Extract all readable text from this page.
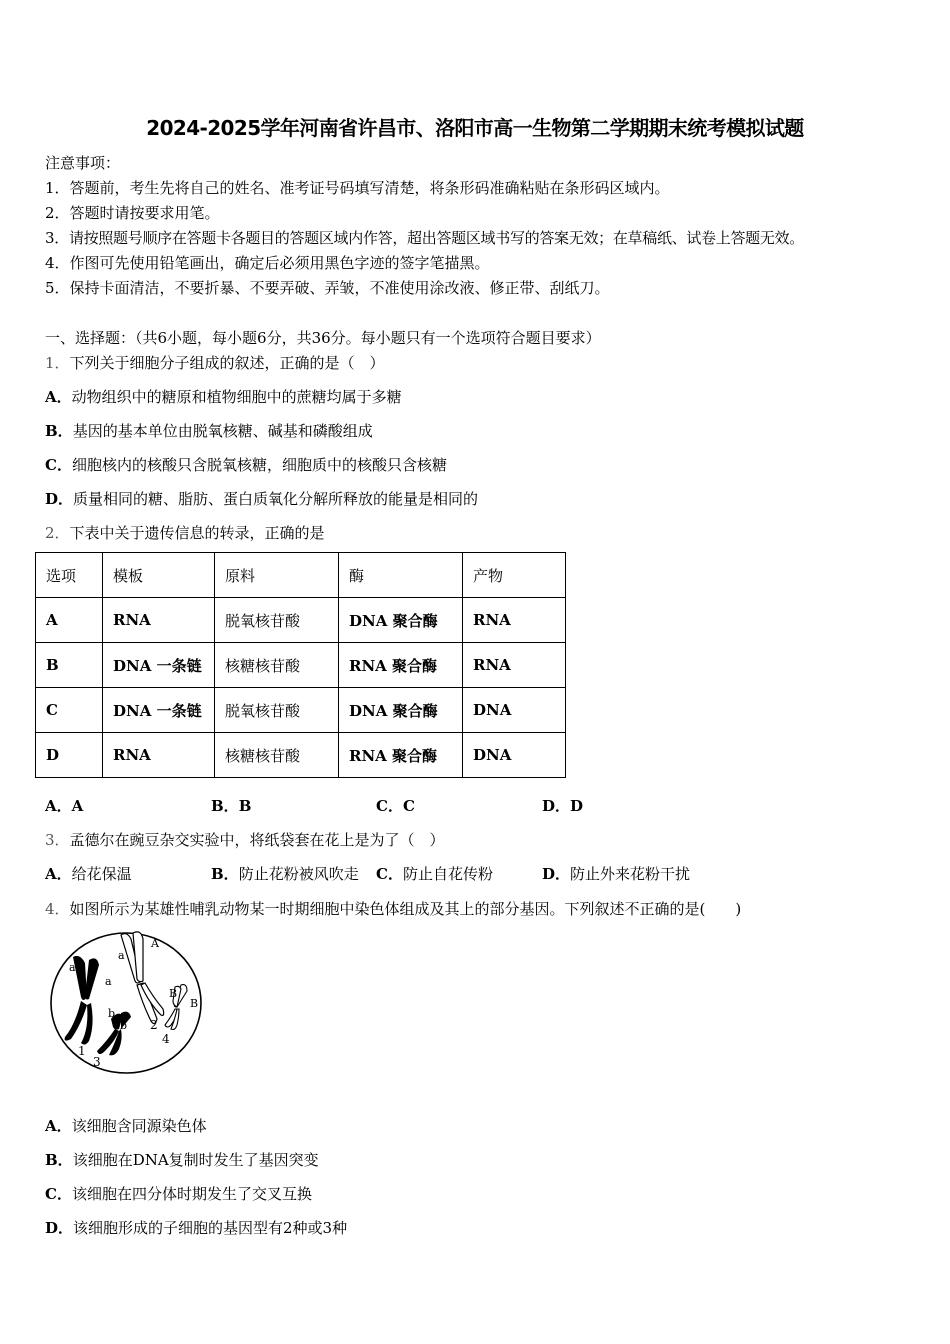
2024-2025学年河南省许昌市、洛阳市高一生物第二学期期末统考模拟试题
注意事项：
1．答题前，考生先将自己的姓名、准考证号码填写清楚，将条形码准确粘贴在条形码区域内。
2．答题时请按要求用笔。
3．请按照题号顺序在答题卡各题目的答题区域内作答，超出答题区域书写的答案无效；在草稿纸、试卷上答题无效。
4．作图可先使用铅笔画出，确定后必须用黑色字迹的签字笔描黑。
5．保持卡面清洁，不要折暴、不要弄破、弄皱，不准使用涂改液、修正带、刮纸刀。
一、选择题：（共6小题，每小题6分，共36分。每小题只有一个选项符合题目要求）
1．下列关于细胞分子组成的叙述，正确的是（　）
A．动物组织中的糖原和植物细胞中的蔗糖均属于多糖
B．基因的基本单位由脱氧核糖、碱基和磷酸组成
C．细胞核内的核酸只含脱氧核糖，细胞质中的核酸只含核糖
D．质量相同的糖、脂肪、蛋白质氧化分解所释放的能量是相同的
2．下表中关于遗传信息的转录，正确的是
选项	模板	原料	酶	产物
A	RNA	脱氧核苷酸	DNA 聚合酶	RNA
B	DNA 一条链	核糖核苷酸	RNA 聚合酶	RNA
C	DNA 一条链	脱氧核苷酸	DNA 聚合酶	DNA
D	RNA	核糖核苷酸	RNA 聚合酶	DNA
A．A	B．B	C．C	D．D
3．孟德尔在豌豆杂交实验中，将纸袋套在花上是为了（　）
A．给花保温	B．防止花粉被风吹走 C．防止自花传粉	D．防止外来花粉干扰
4．如图所示为某雄性哺乳动物某一时期细胞中染色体组成及其上的部分基因。下列叙述不正确的是(　　)
a
a
a
A
b
b
B
B
1
2
3
4
A．该细胞含同源染色体
B．该细胞在DNA复制时发生了基因突变
C．该细胞在四分体时期发生了交叉互换
D．该细胞形成的子细胞的基因型有2种或3种
